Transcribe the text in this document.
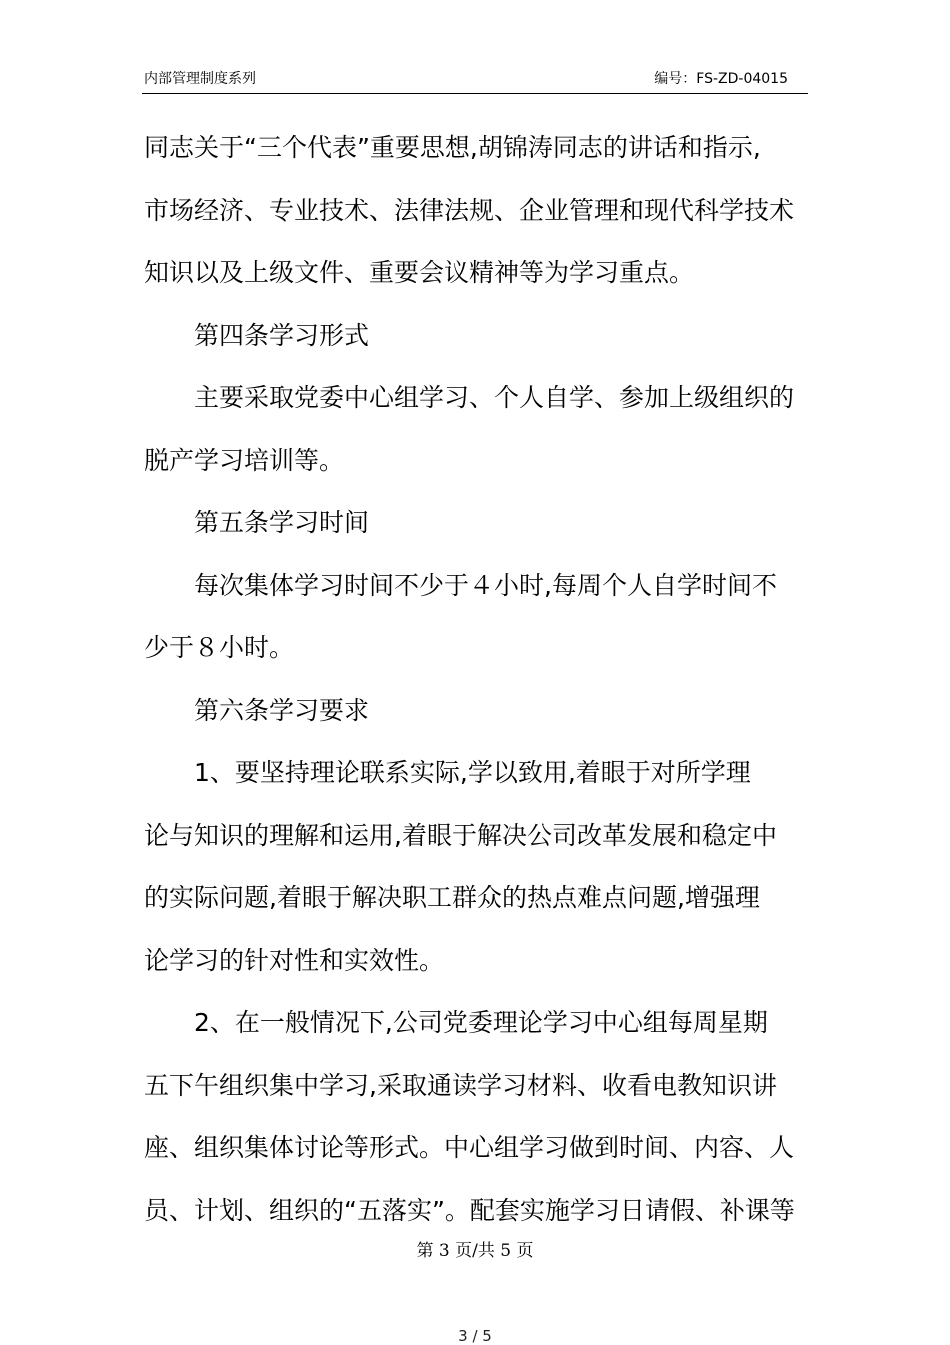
内部管理制度系列	编号：FS-ZD-04015
同志关于“三个代表”重要思想,胡锦涛同志的讲话和指示,
市场经济、专业技术、法律法规、企业管理和现代科学技术
知识以及上级文件、重要会议精神等为学习重点。
第四条学习形式
主要采取党委中心组学习、个人自学、参加上级组织的
脱产学习培训等。
第五条学习时间
每次集体学习时间不少于４小时,每周个人自学时间不
少于８小时。
第六条学习要求
1、要坚持理论联系实际,学以致用,着眼于对所学理
论与知识的理解和运用,着眼于解决公司改革发展和稳定中
的实际问题,着眼于解决职工群众的热点难点问题,增强理
论学习的针对性和实效性。
2、在一般情况下,公司党委理论学习中心组每周星期
五下午组织集中学习,采取通读学习材料、收看电教知识讲
座、组织集体讨论等形式。中心组学习做到时间、内容、人
员、计划、组织的“五落实”。配套实施学习日请假、补课等
第 3 页/共 5 页
3 / 5
